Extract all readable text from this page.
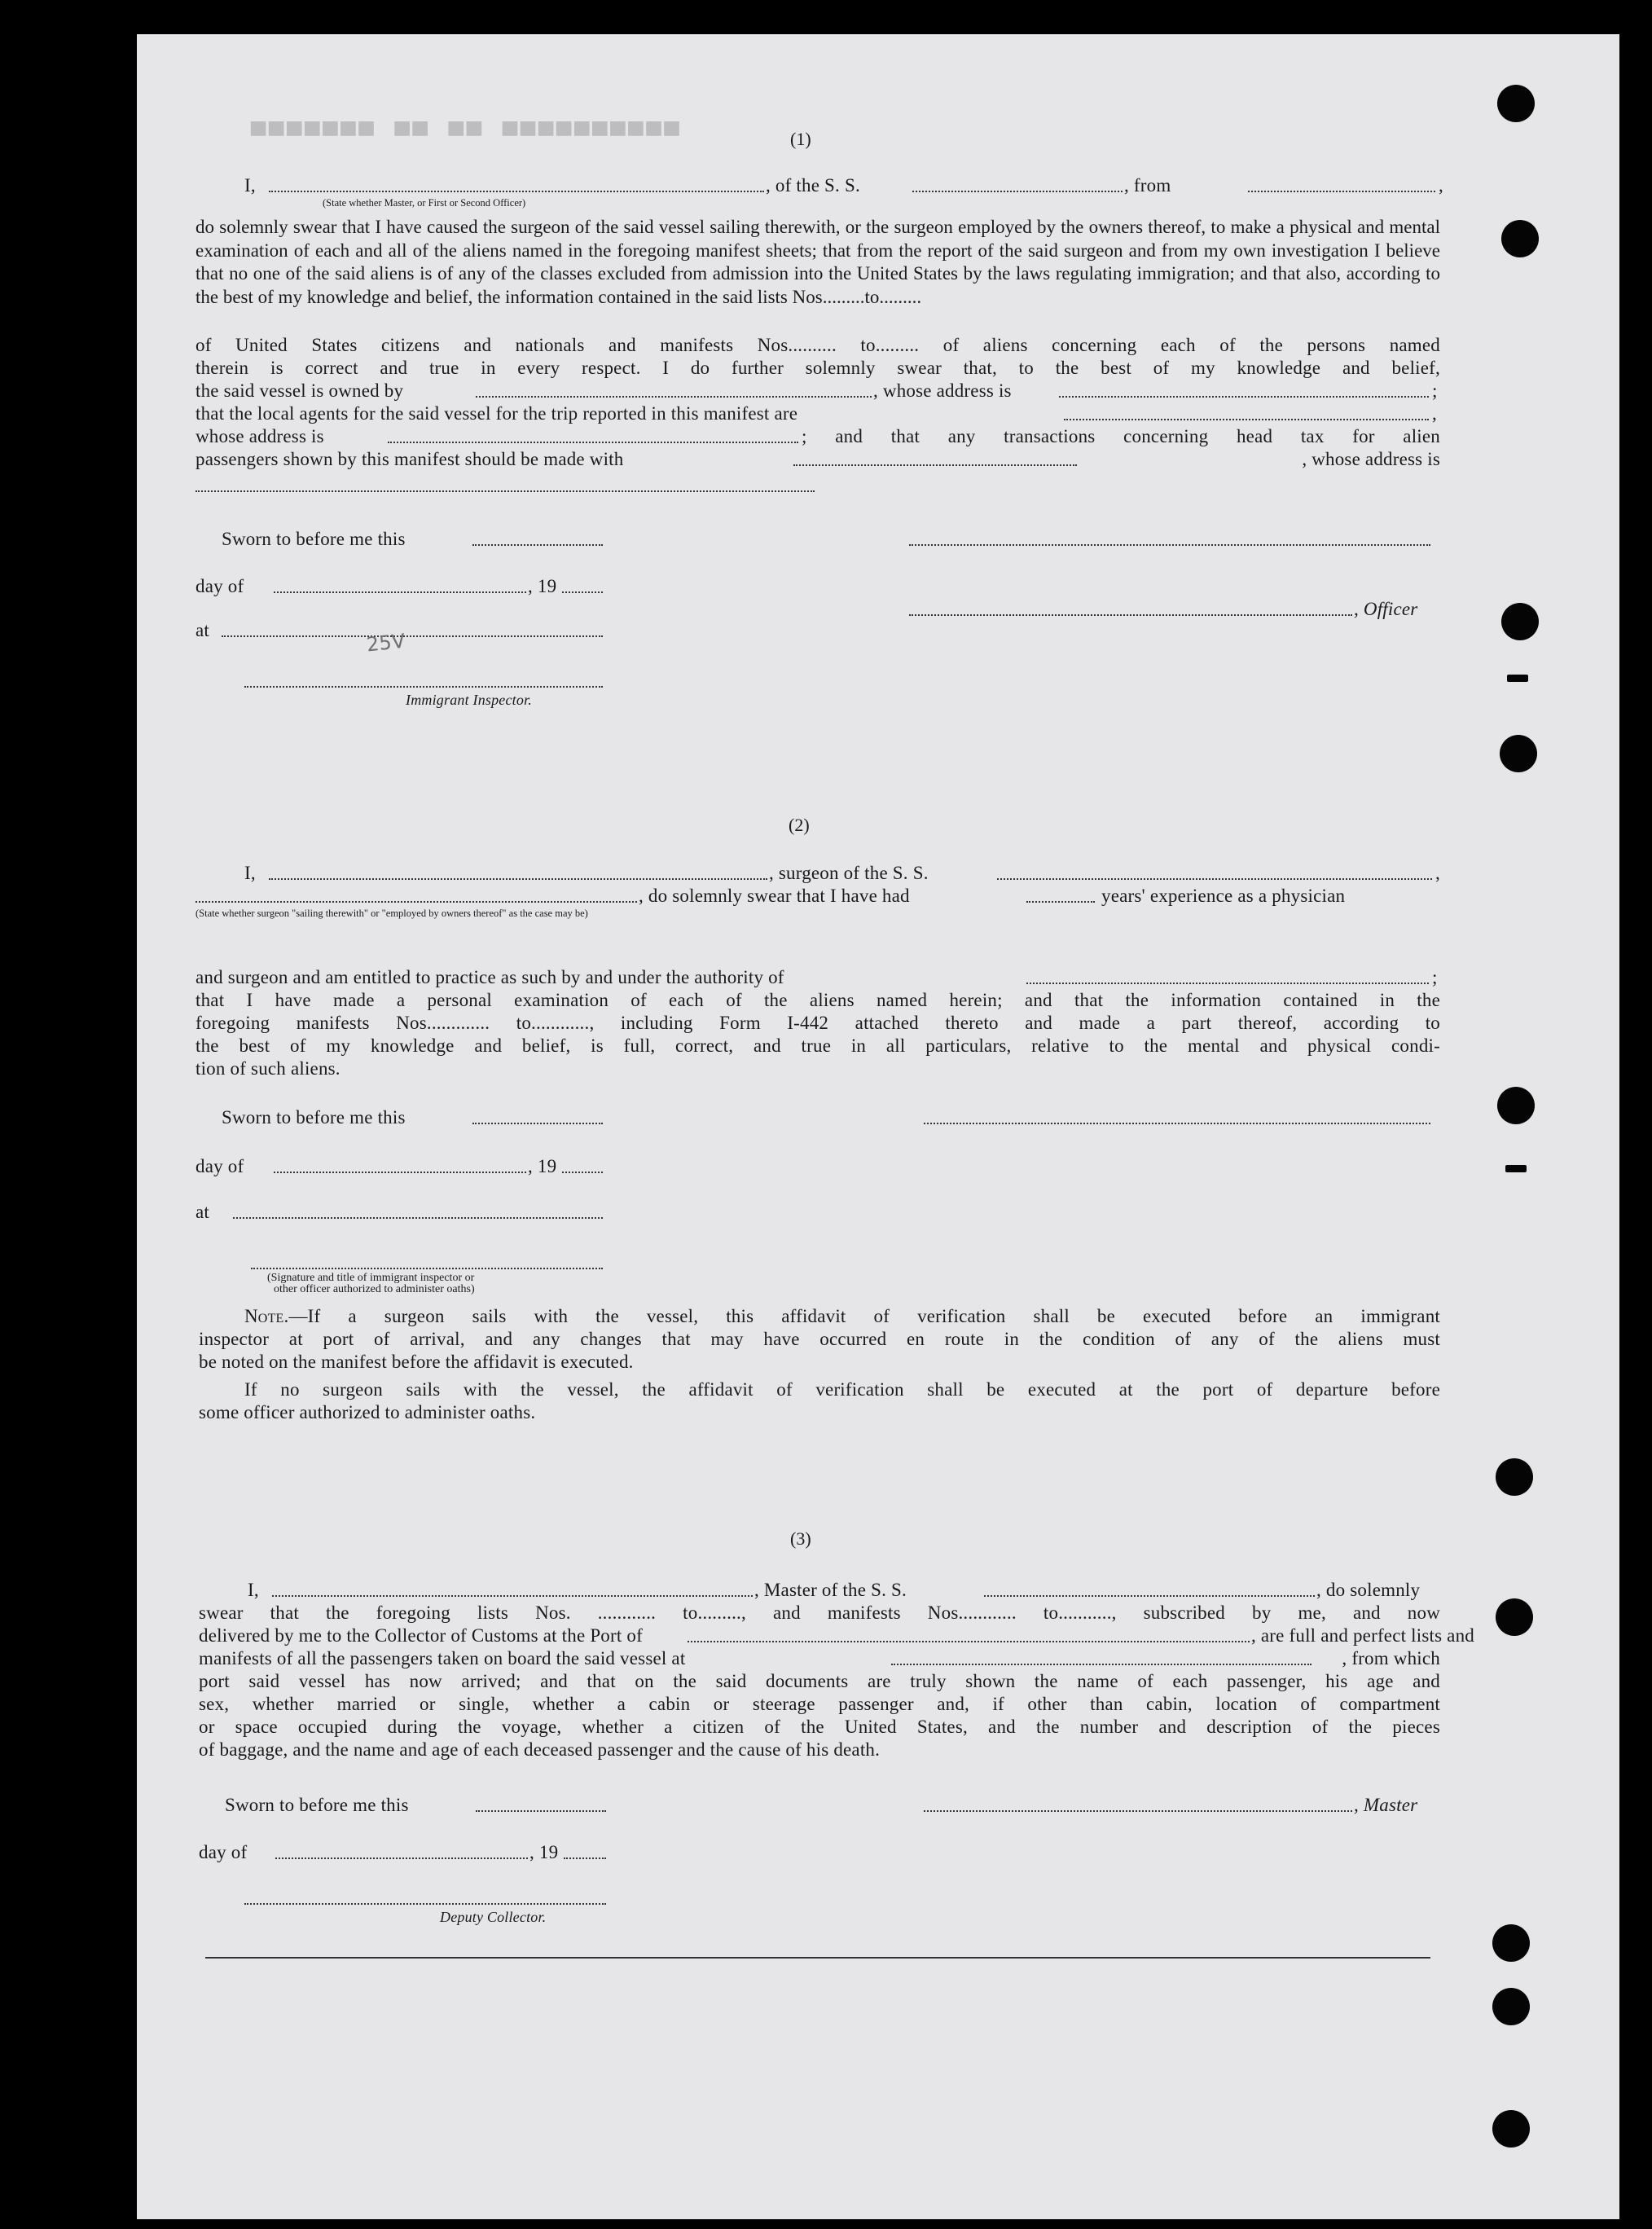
▀▀▀▀▀▀▀ ▀▀ ▀▀ ▀▀▀▀▀▀▀▀▀▀	(1)
I,
(State whether Master, or First or Second Officer)
, of the S. S.	, from	,

do solemnly swear that I have caused the surgeon of the said vessel sailing therewith, or the surgeon employed by the owners thereof, to make a physical and mental examination of each and all of the aliens named in the foregoing manifest sheets; that from the report of the said surgeon and from my own investigation I believe that no one of the said aliens is of any of the classes excluded from admission into the United States by the laws regulating immigration; and that also, according to the best of my knowledge and belief, the information contained in the said lists Nos.........to.........

of United States citizens and nationals and manifests Nos.......... to......... of aliens concerning each of the persons named
therein is correct and true in every respect. I do further solemnly swear that, to the best of my knowledge and belief,
the said vessel is owned by	, whose address is	;
that the local agents for the said vessel for the trip reported in this manifest are	,
whose address is	; and that any transactions concerning head tax for alien
passengers shown by this manifest should be made with	, whose address is
Sworn to before me this
day of	, 19
, Officer
at	25V
Immigrant Inspector.
(2)
I,	, surgeon of the S. S.	,
, do solemnly swear that I have had	years' experience as a physician
(State whether surgeon "sailing therewith" or "employed by owners thereof" as the case may be)
and surgeon and am entitled to practice as such by and under the authority of	;
that I have made a personal examination of each of the aliens named herein; and that the information contained in the
foregoing manifests Nos............. to............, including Form I-442 attached thereto and made a part thereof, according to
the best of my knowledge and belief, is full, correct, and true in all particulars, relative to the mental and physical condi-
tion of such aliens.
Sworn to before me this
day of	, 19
at
(Signature and title of immigrant inspector or
other officer authorized to administer oaths)
Note.—If a surgeon sails with the vessel, this affidavit of verification shall be executed before an immigrant
inspector at port of arrival, and any changes that may have occurred en route in the condition of any of the aliens must
be noted on the manifest before the affidavit is executed.
If no surgeon sails with the vessel, the affidavit of verification shall be executed at the port of departure before
some officer authorized to administer oaths.
(3)
I,	, Master of the S. S.	, do solemnly
swear that the foregoing lists Nos. ............ to........., and manifests Nos............ to..........., subscribed by me, and now
delivered by me to the Collector of Customs at the Port of	, are full and perfect lists and
manifests of all the passengers taken on board the said vessel at	, from which
port said vessel has now arrived; and that on the said documents are truly shown the name of each passenger, his age and
sex, whether married or single, whether a cabin or steerage passenger and, if other than cabin, location of compartment
or space occupied during the voyage, whether a citizen of the United States, and the number and description of the pieces
of baggage, and the name and age of each deceased passenger and the cause of his death.
Sworn to before me this	, Master
day of	, 19
Deputy Collector.
